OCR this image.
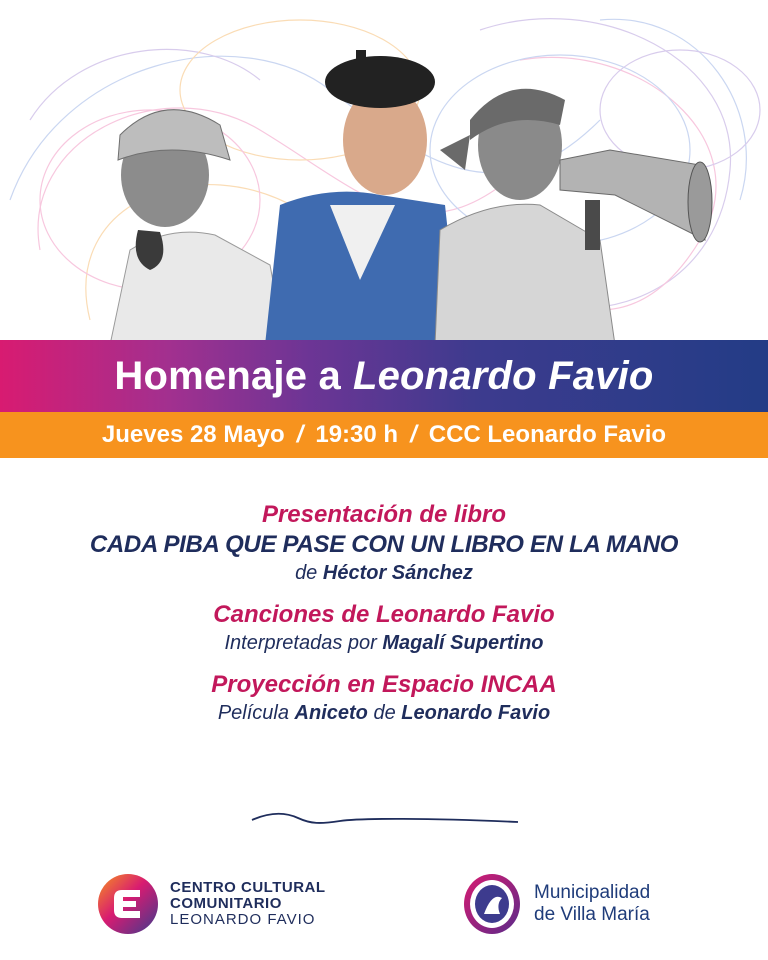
Homenaje a Leonardo Favio
Jueves 28 Mayo / 19:30 h / CCC Leonardo Favio
Presentación de libro
CADA PIBA QUE PASE CON UN LIBRO EN LA MANO
de Héctor Sánchez
Canciones de Leonardo Favio
Interpretadas por Magalí Supertino
Proyección en Espacio INCAA
Película Aniceto de Leonardo Favio
CENTRO CULTURAL
COMUNITARIO
LEONARDO FAVIO
Municipalidad
de Villa María
